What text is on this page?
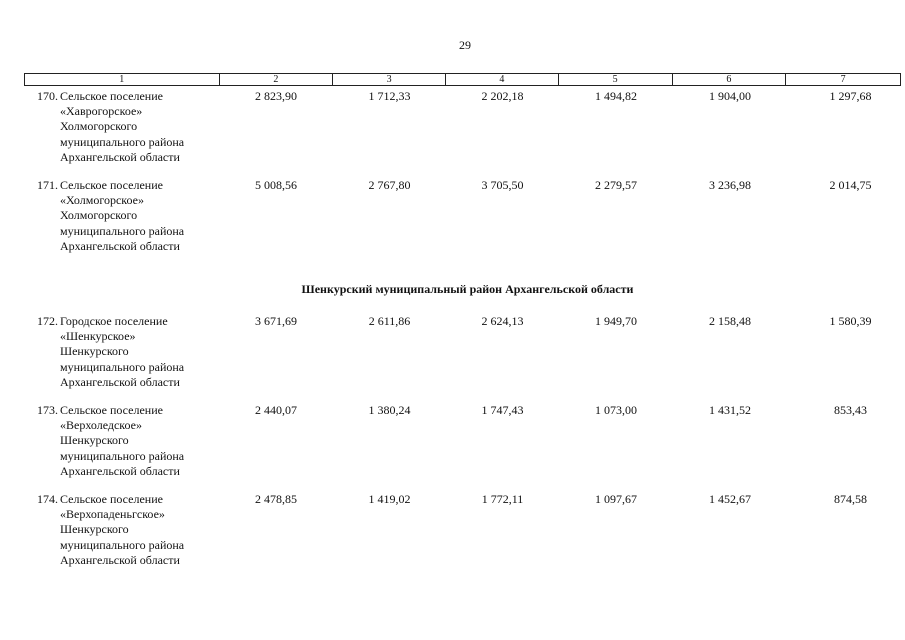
29
1	2	3	4	5	6	7
170. Сельское поселение
«Хаврогорское»
Холмогорского
муниципального района
Архангельской области
2 823,90	1 712,33	2 202,18	1 494,82	1 904,00	1 297,68
171. Сельское поселение
«Холмогорское»
Холмогорского
муниципального района
Архангельской области
5 008,56	2 767,80	3 705,50	2 279,57	3 236,98	2 014,75
Шенкурский муниципальный район Архангельской области
172. Городское поселение
«Шенкурское»
Шенкурского
муниципального района
Архангельской области
3 671,69	2 611,86	2 624,13	1 949,70	2 158,48	1 580,39
173. Сельское поселение
«Верхоледское»
Шенкурского
муниципального района
Архангельской области
2 440,07	1 380,24	1 747,43	1 073,00	1 431,52	853,43
174. Сельское поселение
«Верхопаденьгское»
Шенкурского
муниципального района
Архангельской области
2 478,85	1 419,02	1 772,11	1 097,67	1 452,67	874,58
